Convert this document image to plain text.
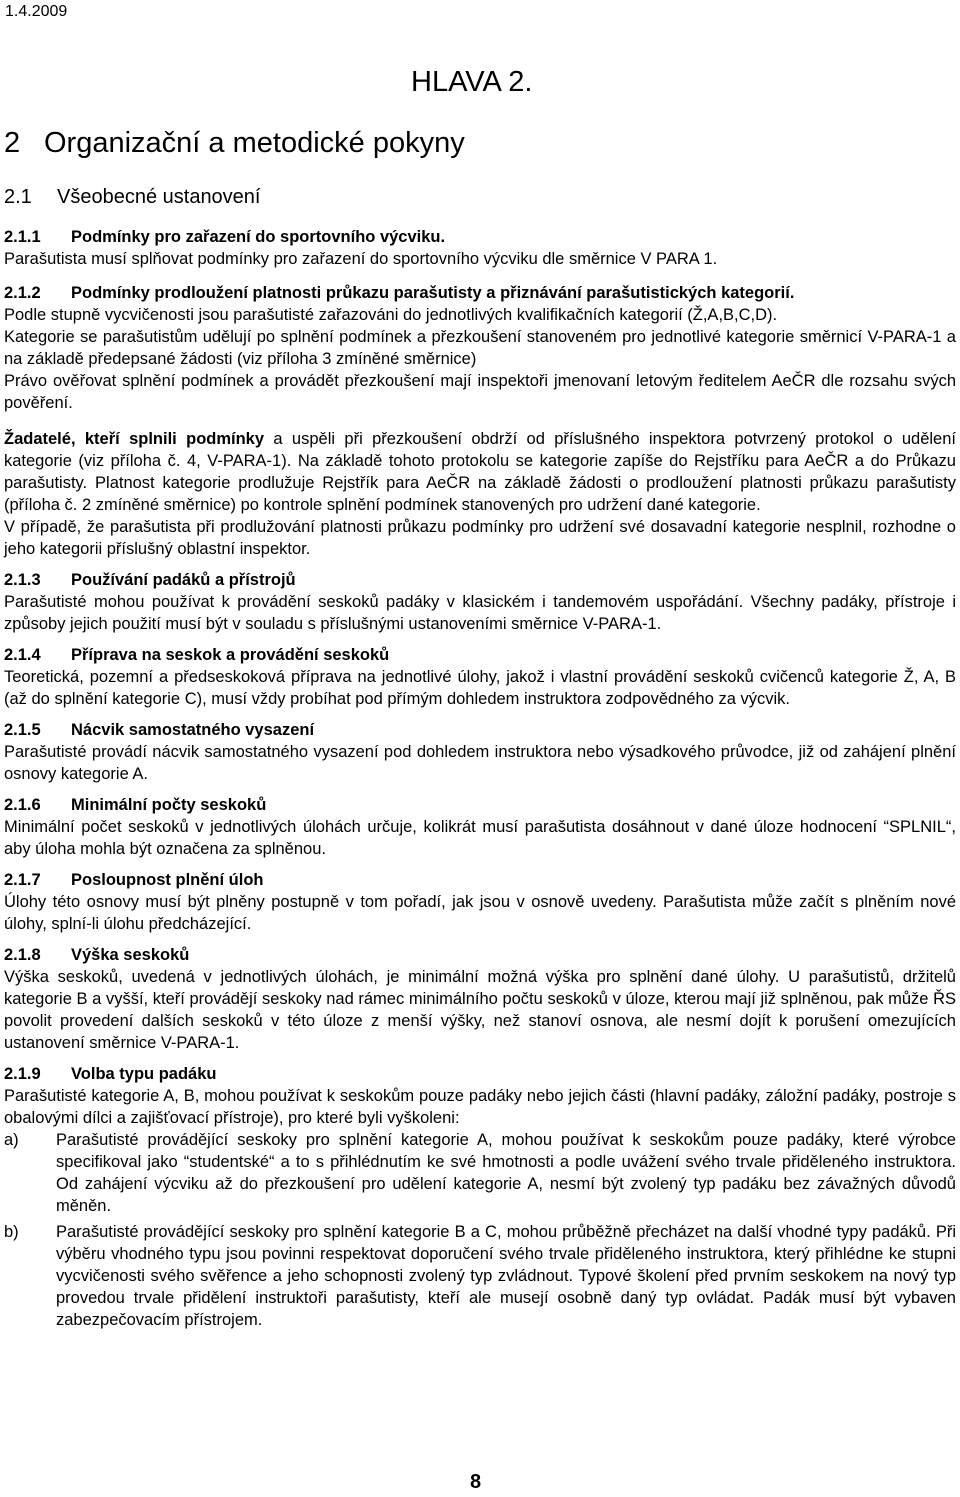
1.4.2009
HLAVA 2.
2 Organizační a metodické pokyny
2.1 Všeobecné ustanovení
2.1.1 Podmínky pro zařazení do sportovního výcviku.

Parašutista musí splňovat podmínky pro zařazení do sportovního výcviku dle směrnice V PARA 1.

2.1.2 Podmínky prodloužení platnosti průkazu parašutisty a přiznávání parašutistických kategorií.

Podle stupně vycvičenosti jsou parašutisté zařazováni do jednotlivých kvalifikačních kategorií (Ž,A,B,C,D).

Kategorie se parašutistům udělují po splnění podmínek a přezkoušení stanoveném pro jednotlivé kategorie směrnicí V-PARA-1 a na základě předepsané žádosti (viz příloha 3 zmíněné směrnice)

Právo ověřovat splnění podmínek a provádět přezkoušení mají inspektoři jmenovaní letovým ředitelem AeČR dle rozsahu svých pověření.

Žadatelé, kteří splnili podmínky a uspěli při přezkoušení obdrží od příslušného inspektora potvrzený protokol o udělení kategorie (viz příloha č. 4, V-PARA-1). Na základě tohoto protokolu se kategorie zapíše do Rejstříku para AeČR a do Průkazu parašutisty. Platnost kategorie prodlužuje Rejstřík para AeČR na základě žádosti o prodloužení platnosti průkazu parašutisty (příloha č. 2 zmíněné směrnice) po kontrole splnění podmínek stanovených pro udržení dané kategorie.

V případě, že parašutista při prodlužování platnosti průkazu podmínky pro udržení své dosavadní kategorie nesplnil, rozhodne o jeho kategorii příslušný oblastní inspektor.

2.1.3 Používání padáků a přístrojů

Parašutisté mohou používat k provádění seskoků padáky v klasickém i tandemovém uspořádání. Všechny padáky, přístroje i způsoby jejich použití musí být v souladu s příslušnými ustanoveními směrnice V-PARA-1.

2.1.4 Příprava na seskok a provádění seskoků

Teoretická, pozemní a předseskoková příprava na jednotlivé úlohy, jakož i vlastní provádění seskoků cvičenců kategorie Ž, A, B (až do splnění kategorie C), musí vždy probíhat pod přímým dohledem instruktora zodpovědného za výcvik.

2.1.5 Nácvik samostatného vysazení

Parašutisté provádí nácvik samostatného vysazení pod dohledem instruktora nebo výsadkového průvodce, již od zahájení plnění osnovy kategorie A.

2.1.6 Minimální počty seskoků

Minimální počet seskoků v jednotlivých úlohách určuje, kolikrát musí parašutista dosáhnout v dané úloze hodnocení “SPLNIL“, aby úloha mohla být označena za splněnou.

2.1.7 Posloupnost plnění úloh

Úlohy této osnovy musí být plněny postupně v tom pořadí, jak jsou v osnově uvedeny. Parašutista může začít s plněním nové úlohy, splní-li úlohu předcházející.

2.1.8 Výška seskoků

Výška seskoků, uvedená v jednotlivých úlohách, je minimální možná výška pro splnění dané úlohy. U parašutistů, držitelů kategorie B a vyšší, kteří provádějí seskoky nad rámec minimálního počtu seskoků v úloze, kterou mají již splněnou, pak může ŘS povolit provedení dalších seskoků v této úloze z menší výšky, než stanoví osnova, ale nesmí dojít k porušení omezujících ustanovení směrnice V-PARA-1.

2.1.9 Volba typu padáku

Parašutisté kategorie A, B, mohou používat k seskokům pouze padáky nebo jejich části (hlavní padáky, záložní padáky, postroje s obalovými dílci a zajišťovací přístroje), pro které byli vyškoleni:

a)	Parašutisté provádějící seskoky pro splnění kategorie A, mohou používat k seskokům pouze padáky, které výrobce specifikoval jako “studentské“ a to s přihlédnutím ke své hmotnosti a podle uvážení svého trvale přiděleného instruktora. Od zahájení výcviku až do přezkoušení pro udělení kategorie A, nesmí být zvolený typ padáku bez závažných důvodů měněn.
b)	Parašutisté provádějící seskoky pro splnění kategorie B a C, mohou průběžně přecházet na další vhodné typy padáků. Při výběru vhodného typu jsou povinni respektovat doporučení svého trvale přiděleného instruktora, který přihlédne ke stupni vycvičenosti svého svěřence a jeho schopnosti zvolený typ zvládnout. Typové školení před prvním seskokem na nový typ provedou trvale přidělení instruktoři parašutisty, kteří ale musejí osobně daný typ ovládat. Padák musí být vybaven zabezpečovacím přístrojem.
8
